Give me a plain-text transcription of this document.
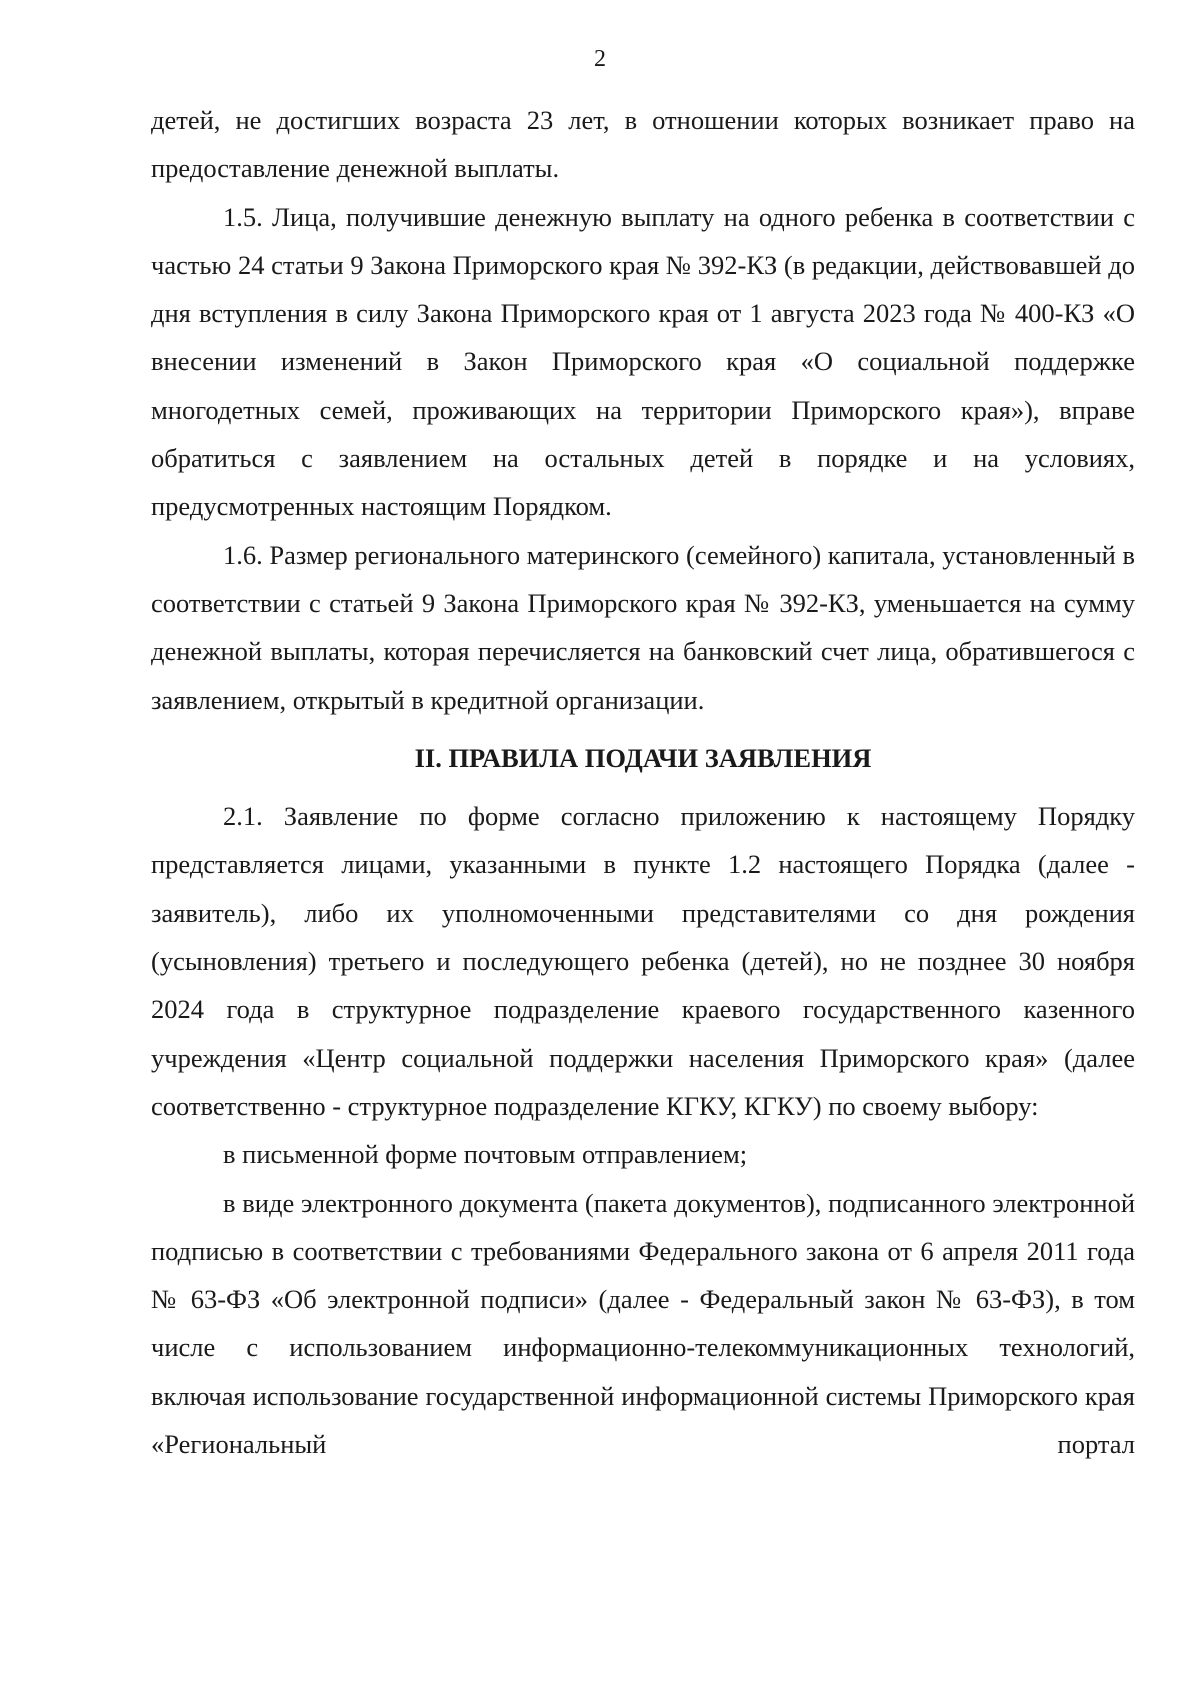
2

детей, не достигших возраста 23 лет, в отношении которых возникает право на предоставление денежной выплаты.

1.5. Лица, получившие денежную выплату на одного ребенка в соответствии с частью 24 статьи 9 Закона Приморского края № 392-КЗ (в редакции, действовавшей до дня вступления в силу Закона Приморского края от 1 августа 2023 года № 400-КЗ «О внесении изменений в Закон Приморского края «О социальной поддержке многодетных семей, проживающих на территории Приморского края»), вправе обратиться с заявлением на остальных детей в порядке и на условиях, предусмотренных настоящим Порядком.

1.6. Размер регионального материнского (семейного) капитала, установленный в соответствии с статьей 9 Закона Приморского края № 392-КЗ, уменьшается на сумму денежной выплаты, которая перечисляется на банковский счет лица, обратившегося с заявлением, открытый в кредитной организации.

II. ПРАВИЛА ПОДАЧИ ЗАЯВЛЕНИЯ

2.1. Заявление по форме согласно приложению к настоящему Порядку представляется лицами, указанными в пункте 1.2 настоящего Порядка (далее - заявитель), либо их уполномоченными представителями со дня рождения (усыновления) третьего и последующего ребенка (детей), но не позднее 30 ноября 2024 года в структурное подразделение краевого государственного казенного учреждения «Центр социальной поддержки населения Приморского края» (далее соответственно - структурное подразделение КГКУ, КГКУ) по своему выбору:

в письменной форме почтовым отправлением;

в виде электронного документа (пакета документов), подписанного электронной подписью в соответствии с требованиями Федерального закона от 6 апреля 2011 года № 63-ФЗ «Об электронной подписи» (далее - Федеральный закон № 63-ФЗ), в том числе с использованием информационно-телекоммуникационных технологий, включая использование государственной информационной системы Приморского края «Региональный портал
